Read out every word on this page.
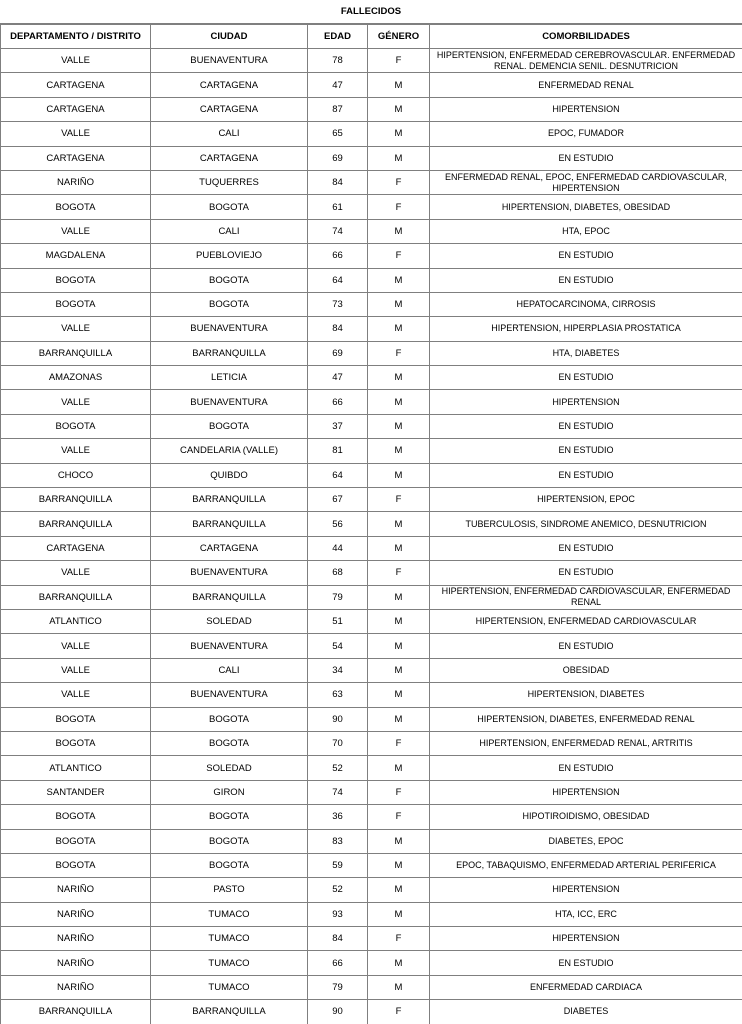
FALLECIDOS
DEPARTAMENTO / DISTRITO	CIUDAD	EDAD	GÉNERO	COMORBILIDADES
VALLE	BUENAVENTURA	78	F	HIPERTENSION, ENFERMEDAD CEREBROVASCULAR. ENFERMEDAD RENAL. DEMENCIA SENIL. DESNUTRICION
CARTAGENA	CARTAGENA	47	M	ENFERMEDAD RENAL
CARTAGENA	CARTAGENA	87	M	HIPERTENSION
VALLE	CALI	65	M	EPOC, FUMADOR
CARTAGENA	CARTAGENA	69	M	EN ESTUDIO
NARIÑO	TUQUERRES	84	F	ENFERMEDAD RENAL, EPOC, ENFERMEDAD CARDIOVASCULAR, HIPERTENSION
BOGOTA	BOGOTA	61	F	HIPERTENSION, DIABETES, OBESIDAD
VALLE	CALI	74	M	HTA, EPOC
MAGDALENA	PUEBLOVIEJO	66	F	EN ESTUDIO
BOGOTA	BOGOTA	64	M	EN ESTUDIO
BOGOTA	BOGOTA	73	M	HEPATOCARCINOMA, CIRROSIS
VALLE	BUENAVENTURA	84	M	HIPERTENSION, HIPERPLASIA PROSTATICA
BARRANQUILLA	BARRANQUILLA	69	F	HTA, DIABETES
AMAZONAS	LETICIA	47	M	EN ESTUDIO
VALLE	BUENAVENTURA	66	M	HIPERTENSION
BOGOTA	BOGOTA	37	M	EN ESTUDIO
VALLE	CANDELARIA (VALLE)	81	M	EN ESTUDIO
CHOCO	QUIBDO	64	M	EN ESTUDIO
BARRANQUILLA	BARRANQUILLA	67	F	HIPERTENSION, EPOC
BARRANQUILLA	BARRANQUILLA	56	M	TUBERCULOSIS, SINDROME ANEMICO, DESNUTRICION
CARTAGENA	CARTAGENA	44	M	EN ESTUDIO
VALLE	BUENAVENTURA	68	F	EN ESTUDIO
BARRANQUILLA	BARRANQUILLA	79	M	HIPERTENSION, ENFERMEDAD CARDIOVASCULAR, ENFERMEDAD RENAL
ATLANTICO	SOLEDAD	51	M	HIPERTENSION, ENFERMEDAD CARDIOVASCULAR
VALLE	BUENAVENTURA	54	M	EN ESTUDIO
VALLE	CALI	34	M	OBESIDAD
VALLE	BUENAVENTURA	63	M	HIPERTENSION, DIABETES
BOGOTA	BOGOTA	90	M	HIPERTENSION, DIABETES, ENFERMEDAD RENAL
BOGOTA	BOGOTA	70	F	HIPERTENSION, ENFERMEDAD RENAL, ARTRITIS
ATLANTICO	SOLEDAD	52	M	EN ESTUDIO
SANTANDER	GIRON	74	F	HIPERTENSION
BOGOTA	BOGOTA	36	F	HIPOTIROIDISMO, OBESIDAD
BOGOTA	BOGOTA	83	M	DIABETES, EPOC
BOGOTA	BOGOTA	59	M	EPOC, TABAQUISMO, ENFERMEDAD ARTERIAL PERIFERICA
NARIÑO	PASTO	52	M	HIPERTENSION
NARIÑO	TUMACO	93	M	HTA, ICC, ERC
NARIÑO	TUMACO	84	F	HIPERTENSION
NARIÑO	TUMACO	66	M	EN ESTUDIO
NARIÑO	TUMACO	79	M	ENFERMEDAD CARDIACA
BARRANQUILLA	BARRANQUILLA	90	F	DIABETES
